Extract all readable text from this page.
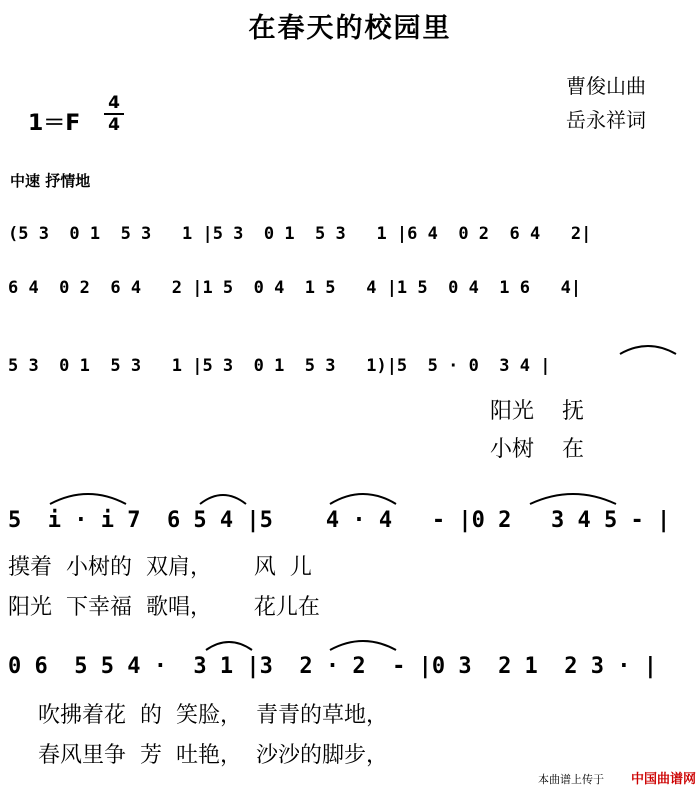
在春天的校园里
曹俊山曲
岳永祥词
1＝F
4
4
中速 抒情地
(5 3  0 1  5 3   1 |5 3  0 1  5 3   1 |6 4  0 2  6 4   2|
6 4  0 2  6 4   2 |1 5  0 4  1 5   4 |1 5  0 4  1 6   4|
5 3  0 1  5 3   1 |5 3  0 1  5 3   1)|5  5 · 0  3 4 |
阳光    抚
小树    在
5  i · i 7  6 5 4 |5    4 · 4   - |0 2   3 4 5 - |
摸着  小树的  双肩，      风  儿
阳光  下幸福  歌唱，      花儿在
0 6  5 5 4 ·  3 1 |3  2 · 2  - |0 3  2 1  2 3 · |
吹拂着花  的  笑脸，  青青的草地，
春风里争  芳  吐艳，  沙沙的脚步，
本曲谱上传于 中国曲谱网
